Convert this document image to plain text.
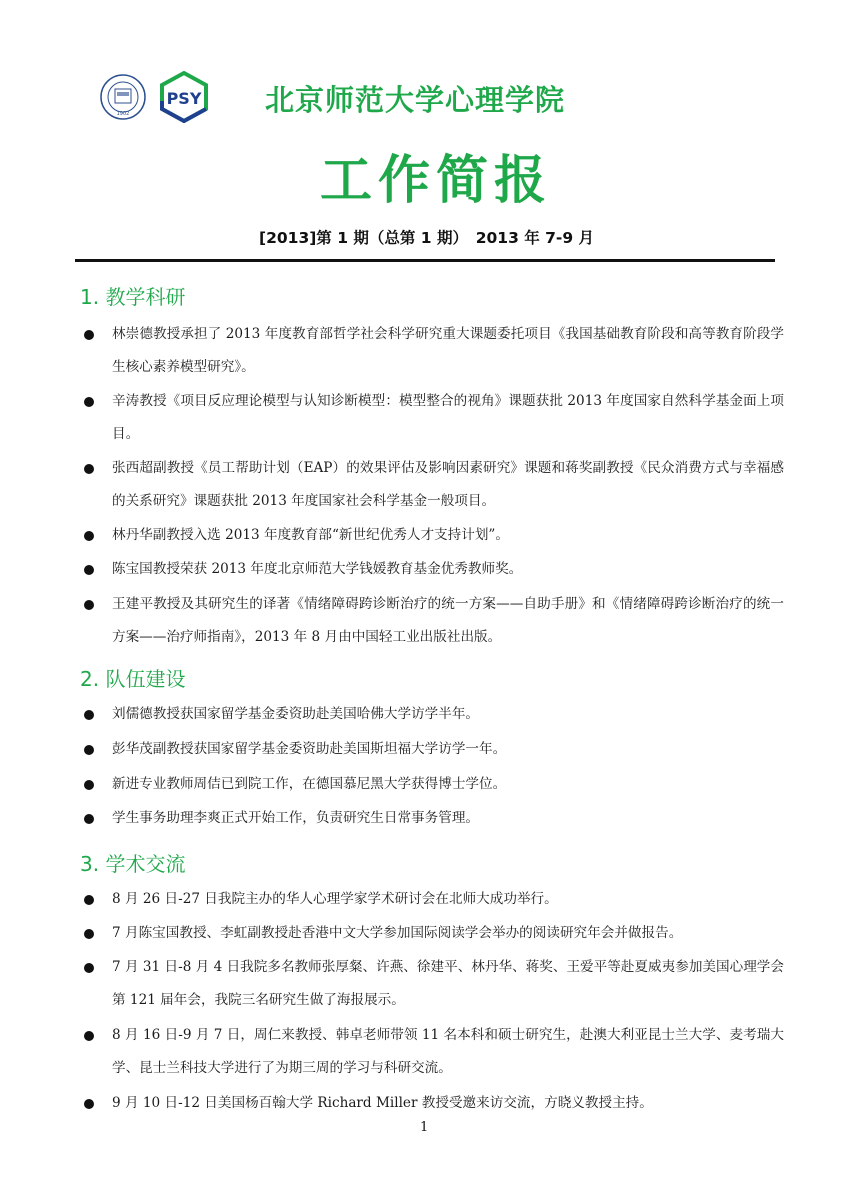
1902
PSY 北京师范大学心理学院
工作简报
[2013]第 1 期（总第 1 期）　2013 年 7-9 月
1. 教学科研
林崇德教授承担了 2013 年度教育部哲学社会科学研究重大课题委托项目《我国基础教育阶段和高等教育阶段学生核心素养模型研究》。
辛涛教授《项目反应理论模型与认知诊断模型：模型整合的视角》课题获批 2013 年度国家自然科学基金面上项目。
张西超副教授《员工帮助计划（EAP）的效果评估及影响因素研究》课题和蒋奖副教授《民众消费方式与幸福感的关系研究》课题获批 2013 年度国家社会科学基金一般项目。
林丹华副教授入选 2013 年度教育部“新世纪优秀人才支持计划”。
陈宝国教授荣获 2013 年度北京师范大学钱媛教育基金优秀教师奖。
王建平教授及其研究生的译著《情绪障碍跨诊断治疗的统一方案——自助手册》和《情绪障碍跨诊断治疗的统一方案——治疗师指南》，2013 年 8 月由中国轻工业出版社出版。
2. 队伍建设
刘儒德教授获国家留学基金委资助赴美国哈佛大学访学半年。
彭华茂副教授获国家留学基金委资助赴美国斯坦福大学访学一年。
新进专业教师周佶已到院工作，在德国慕尼黑大学获得博士学位。
学生事务助理李爽正式开始工作，负责研究生日常事务管理。
3. 学术交流
8 月 26 日-27 日我院主办的华人心理学家学术研讨会在北师大成功举行。
7 月陈宝国教授、李虹副教授赴香港中文大学参加国际阅读学会举办的阅读研究年会并做报告。
7 月 31 日-8 月 4 日我院多名教师张厚粲、许燕、徐建平、林丹华、蒋奖、王爱平等赴夏威夷参加美国心理学会第 121 届年会，我院三名研究生做了海报展示。
8 月 16 日-9 月 7 日，周仁来教授、韩卓老师带领 11 名本科和硕士研究生，赴澳大利亚昆士兰大学、麦考瑞大学、昆士兰科技大学进行了为期三周的学习与科研交流。
9 月 10 日-12 日美国杨百翰大学 Richard Miller 教授受邀来访交流，方晓义教授主持。
1
